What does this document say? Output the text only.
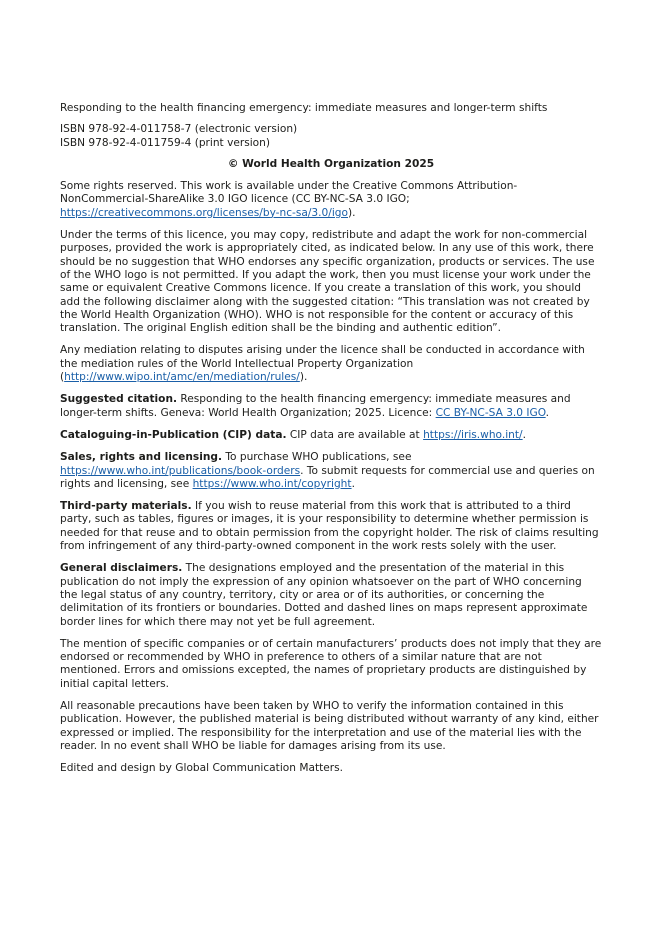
Responding to the health financing emergency: immediate measures and longer-term shifts

ISBN 978-92-4-011758-7 (electronic version)
ISBN 978-92-4-011759-4 (print version)

© World Health Organization 2025

Some rights reserved. This work is available under the Creative Commons Attribution-NonCommercial-ShareAlike 3.0 IGO licence (CC BY-NC-SA 3.0 IGO; https://creativecommons.org/licenses/by-nc-sa/3.0/igo).

Under the terms of this licence, you may copy, redistribute and adapt the work for non-commercial purposes, provided the work is appropriately cited, as indicated below. In any use of this work, there should be no suggestion that WHO endorses any specific organization, products or services. The use of the WHO logo is not permitted. If you adapt the work, then you must license your work under the same or equivalent Creative Commons licence. If you create a translation of this work, you should add the following disclaimer along with the suggested citation: “This translation was not created by the World Health Organization (WHO). WHO is not responsible for the content or accuracy of this translation. The original English edition shall be the binding and authentic edition”.

Any mediation relating to disputes arising under the licence shall be conducted in accordance with the mediation rules of the World Intellectual Property Organization (http://www.wipo.int/amc/en/mediation/rules/).

Suggested citation. Responding to the health financing emergency: immediate measures and longer-term shifts. Geneva: World Health Organization; 2025. Licence: CC BY-NC-SA 3.0 IGO.

Cataloguing-in-Publication (CIP) data. CIP data are available at https://iris.who.int/.

Sales, rights and licensing. To purchase WHO publications, see https://www.who.int/publications/book-orders. To submit requests for commercial use and queries on rights and licensing, see https://www.who.int/copyright.

Third-party materials. If you wish to reuse material from this work that is attributed to a third party, such as tables, figures or images, it is your responsibility to determine whether permission is needed for that reuse and to obtain permission from the copyright holder. The risk of claims resulting from infringement of any third-party-owned component in the work rests solely with the user.

General disclaimers. The designations employed and the presentation of the material in this publication do not imply the expression of any opinion whatsoever on the part of WHO concerning the legal status of any country, territory, city or area or of its authorities, or concerning the delimitation of its frontiers or boundaries. Dotted and dashed lines on maps represent approximate border lines for which there may not yet be full agreement.

The mention of specific companies or of certain manufacturers’ products does not imply that they are endorsed or recommended by WHO in preference to others of a similar nature that are not mentioned. Errors and omissions excepted, the names of proprietary products are distinguished by initial capital letters.

All reasonable precautions have been taken by WHO to verify the information contained in this publication. However, the published material is being distributed without warranty of any kind, either expressed or implied. The responsibility for the interpretation and use of the material lies with the reader. In no event shall WHO be liable for damages arising from its use.

Edited and design by Global Communication Matters.
